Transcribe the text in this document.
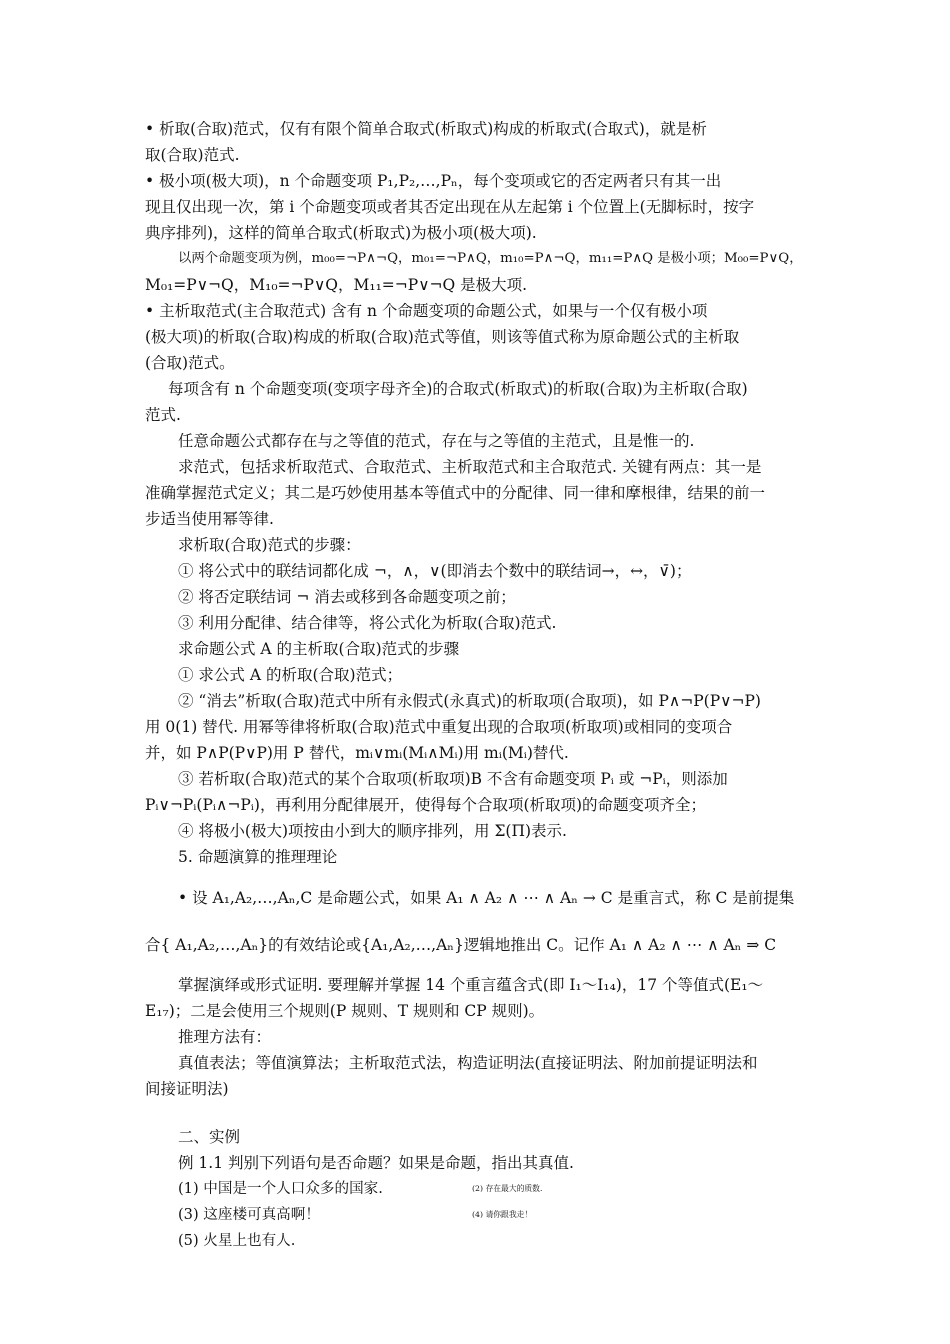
• 析取(合取)范式，仅有有限个简单合取式(析取式)构成的析取式(合取式)，就是析
取(合取)范式.
• 极小项(极大项)，n 个命题变项 P₁,P₂,…,Pₙ，每个变项或它的否定两者只有其一出
现且仅出现一次，第 i 个命题变项或者其否定出现在从左起第 i 个位置上(无脚标时，按字
典序排列)，这样的简单合取式(析取式)为极小项(极大项).
以两个命题变项为例，m₀₀=¬P∧¬Q，m₀₁=¬P∧Q，m₁₀=P∧¬Q，m₁₁=P∧Q 是极小项；M₀₀=P∨Q，
M₀₁=P∨¬Q，M₁₀=¬P∨Q，M₁₁=¬P∨¬Q 是极大项.
• 主析取范式(主合取范式) 含有 n 个命题变项的命题公式，如果与一个仅有极小项
(极大项)的析取(合取)构成的析取(合取)范式等值，则该等值式称为原命题公式的主析取
(合取)范式。
每项含有 n 个命题变项(变项字母齐全)的合取式(析取式)的析取(合取)为主析取(合取)
范式.
任意命题公式都存在与之等值的范式，存在与之等值的主范式，且是惟一的.
求范式，包括求析取范式、合取范式、主析取范式和主合取范式. 关键有两点：其一是
准确掌握范式定义；其二是巧妙使用基本等值式中的分配律、同一律和摩根律，结果的前一
步适当使用幂等律.
求析取(合取)范式的步骤：
① 将公式中的联结词都化成 ¬，∧，∨(即消去个数中的联结词→，↔，∨̄)；
② 将否定联结词 ¬ 消去或移到各命题变项之前；
③ 利用分配律、结合律等，将公式化为析取(合取)范式.
求命题公式 A 的主析取(合取)范式的步骤
① 求公式 A 的析取(合取)范式；
② “消去”析取(合取)范式中所有永假式(永真式)的析取项(合取项)，如 P∧¬P(P∨¬P)
用 0(1) 替代. 用幂等律将析取(合取)范式中重复出现的合取项(析取项)或相同的变项合
并，如 P∧P(P∨P)用 P 替代，mᵢ∨mᵢ(Mᵢ∧Mᵢ)用 mᵢ(Mᵢ)替代.
③ 若析取(合取)范式的某个合取项(析取项)B 不含有命题变项 Pᵢ 或 ¬Pᵢ，则添加
Pᵢ∨¬Pᵢ(Pᵢ∧¬Pᵢ)，再利用分配律展开，使得每个合取项(析取项)的命题变项齐全；
④ 将极小(极大)项按由小到大的顺序排列，用 Σ(Π)表示.
5. 命题演算的推理理论
• 设 A₁,A₂,…,Aₙ,C 是命题公式，如果 A₁ ∧ A₂ ∧ ⋯ ∧ Aₙ → C 是重言式，称 C 是前提集
合{ A₁,A₂,…,Aₙ}的有效结论或{A₁,A₂,…,Aₙ}逻辑地推出 C。记作 A₁ ∧ A₂ ∧ ⋯ ∧ Aₙ ⇒ C
掌握演绎或形式证明. 要理解并掌握 14 个重言蕴含式(即 I₁～I₁₄)，17 个等值式(E₁～
E₁₇)；二是会使用三个规则(P 规则、T 规则和 CP 规则)。
推理方法有：
真值表法；等值演算法；主析取范式法，构造证明法(直接证明法、附加前提证明法和
间接证明法)
二、实例
例 1.1 判别下列语句是否命题？如果是命题，指出其真值.
(1) 中国是一个人口众多的国家.	(2) 存在最大的质数.
(3) 这座楼可真高啊！	(4) 请你跟我走！
(5) 火星上也有人.
